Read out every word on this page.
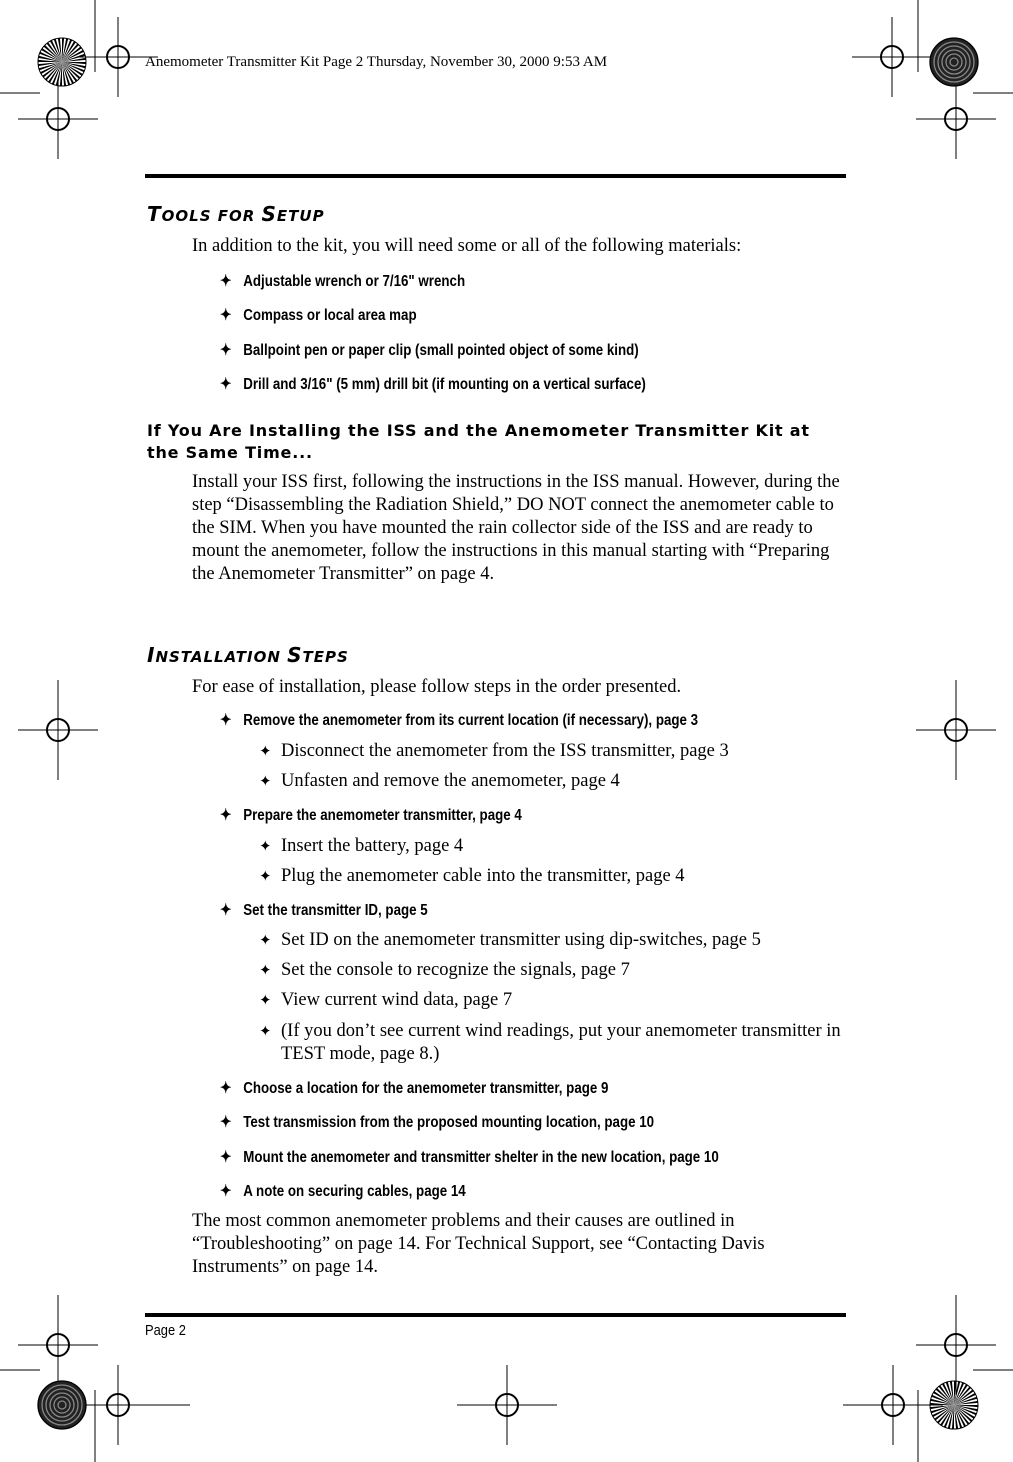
Anemometer Transmitter Kit Page 2 Thursday, November 30, 2000 9:53 AM
TOOLS FOR SETUP
In addition to the kit, you will need some or all of the following materials:
✦ Adjustable wrench or 7/16" wrench
✦ Compass or local area map
✦ Ballpoint pen or paper clip (small pointed object of some kind)
✦ Drill and 3/16" (5 mm) drill bit (if mounting on a vertical surface)
If You Are Installing the ISS and the Anemometer Transmitter Kit at the Same Time...
Install your ISS first, following the instructions in the ISS manual. However, during the step “Disassembling the Radiation Shield,” DO NOT connect the anemometer cable to the SIM. When you have mounted the rain collector side of the ISS and are ready to mount the anemometer, follow the instructions in this manual starting with “Preparing the Anemometer Transmitter” on page 4.
INSTALLATION STEPS
For ease of installation, please follow steps in the order presented.
✦ Remove the anemometer from its current location (if necessary), page 3
✦ Disconnect the anemometer from the ISS transmitter, page 3
✦ Unfasten and remove the anemometer, page 4
✦ Prepare the anemometer transmitter, page 4
✦ Insert the battery, page 4
✦ Plug the anemometer cable into the transmitter, page 4
✦ Set the transmitter ID, page 5
✦ Set ID on the anemometer transmitter using dip-switches, page 5
✦ Set the console to recognize the signals, page 7
✦ View current wind data, page 7
✦ (If you don’t see current wind readings, put your anemometer transmitter in TEST mode, page 8.)
✦ Choose a location for the anemometer transmitter, page 9
✦ Test transmission from the proposed mounting location, page 10
✦ Mount the anemometer and transmitter shelter in the new location, page 10
✦ A note on securing cables, page 14
The most common anemometer problems and their causes are outlined in “Troubleshooting” on page 14. For Technical Support, see “Contacting Davis Instruments” on page 14.
Page 2
